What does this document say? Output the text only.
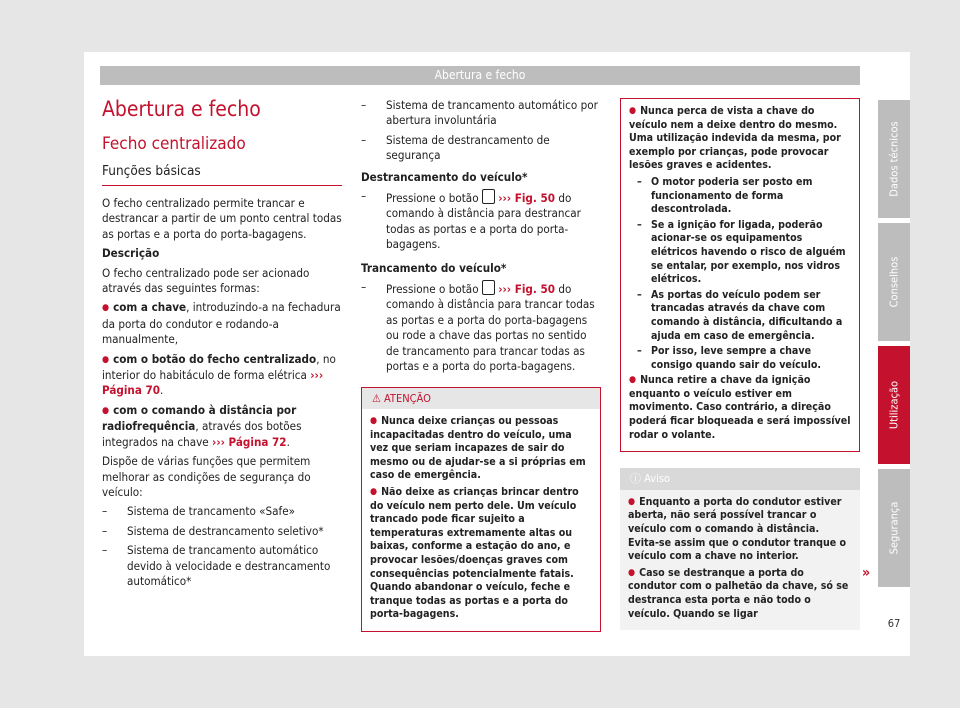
Abertura e fecho
Abertura e fecho
Fecho centralizado
Funções básicas

O fecho centralizado permite trancar e destrancar a partir de um ponto central todas as portas e a porta do porta-bagagens.

Descrição

O fecho centralizado pode ser acionado através das seguintes formas:

● com a chave, introduzindo-a na fechadura da porta do condutor e rodando-a manualmente,

● com o botão do fecho centralizado, no interior do habitáculo de forma elétrica ››› Página 70.

● com o comando à distância por radiofrequência, através dos botões integrados na chave ››› Página 72.

Dispõe de várias funções que permitem melhorar as condições de segurança do veículo:

– Sistema de trancamento «Safe»
– Sistema de destrancamento seletivo*
– Sistema de trancamento automático devido à velocidade e destrancamento automático*
– Sistema de trancamento automático por abertura involuntária
– Sistema de destrancamento de segurança

Destrancamento do veículo*

– Pressione o botão ››› Fig. 50 do comando à distância para destrancar todas as portas e a porta do porta-bagagens.

Trancamento do veículo*

– Pressione o botão ››› Fig. 50 do comando à distância para trancar todas as portas e a porta do porta-bagagens ou rode a chave das portas no sentido de trancamento para trancar todas as portas e a porta do porta-bagagens.
⚠ ATENÇÃO

● Nunca deixe crianças ou pessoas incapacitadas dentro do veículo, uma vez que seriam incapazes de sair do mesmo ou de ajudar-se a si próprias em caso de emergência.

● Não deixe as crianças brincar dentro do veículo nem perto dele. Um veículo trancado pode ficar sujeito a temperaturas extremamente altas ou baixas, conforme a estação do ano, e provocar lesões/doenças graves com consequências potencialmente fatais. Quando abandonar o veículo, feche e tranque todas as portas e a porta do porta-bagagens.

● Nunca perca de vista a chave do veículo nem a deixe dentro do mesmo. Uma utilização indevida da mesma, por exemplo por crianças, pode provocar lesões graves e acidentes.

– O motor poderia ser posto em funcionamento de forma descontrolada.
– Se a ignição for ligada, poderão acionar-se os equipamentos elétricos havendo o risco de alguém se entalar, por exemplo, nos vidros elétricos.
– As portas do veículo podem ser trancadas através da chave com comando à distância, dificultando a ajuda em caso de emergência.
– Por isso, leve sempre a chave consigo quando sair do veículo.

● Nunca retire a chave da ignição enquanto o veículo estiver em movimento. Caso contrário, a direção poderá ficar bloqueada e será impossível rodar o volante.

ⓘ Aviso

● Enquanto a porta do condutor estiver aberta, não será possível trancar o veículo com o comando à distância. Evita-se assim que o condutor tranque o veículo com a chave no interior.

● Caso se destranque a porta do condutor com o palhetão da chave, só se destranca esta porta e não todo o veículo. Quando se ligar

»
Dados técnicos
Conselhos
Utilização
Segurança
67
